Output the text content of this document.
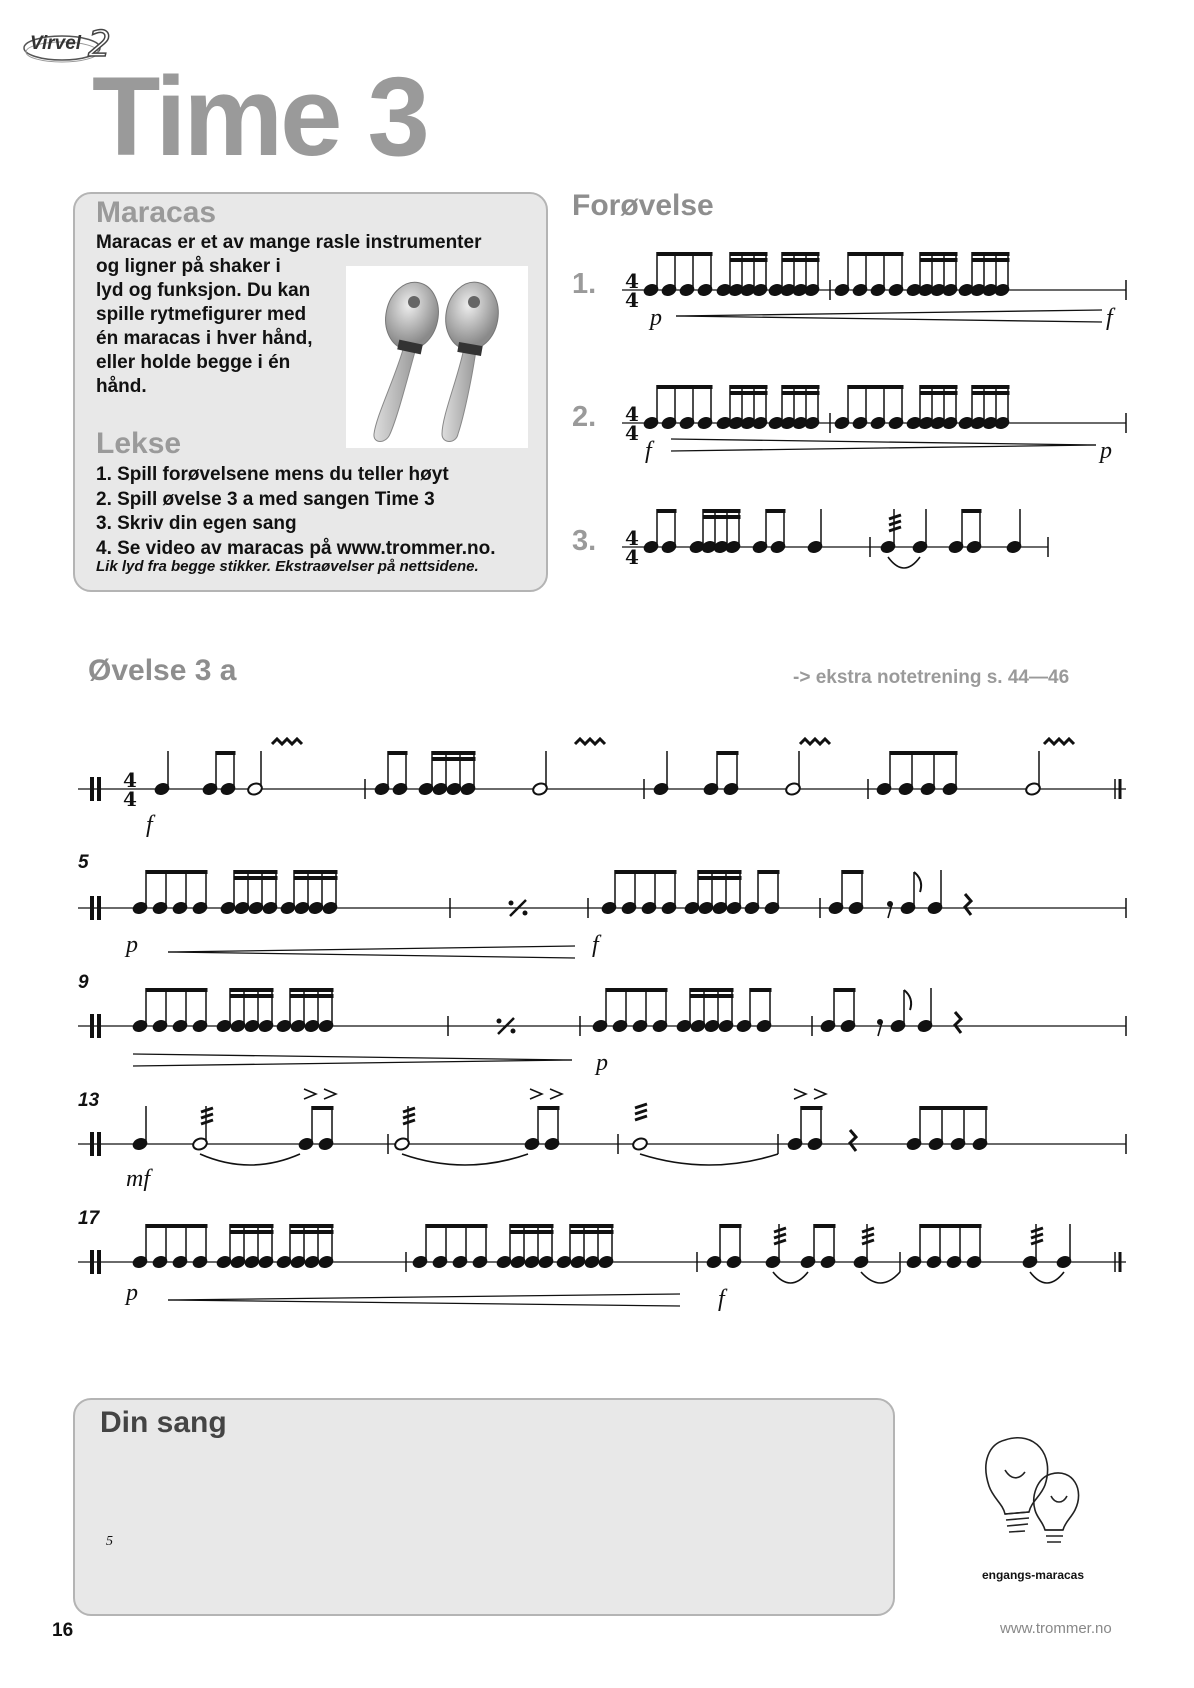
Virvel 2
Time 3
Maracas
Maracas er et av mange rasle instrumenter
og ligner på shaker i
lyd og funksjon. Du kan
spille rytmefigurer med
én maracas i hver hånd,
eller holde begge i én
hånd.
Lekse
1. Spill forøvelsene mens du teller høyt
2. Spill øvelse 3 a med sangen Time 3
3. Skriv din egen sang
4. Se video av maracas på www.trommer.no.
Lik lyd fra begge stikker. Ekstraøvelser på nettsidene.
Forøvelse
1.
2.
3.
p	f
f	p
Øvelse 3 a	-> ekstra notetrening s. 44—46
5
9
13
17
f
p	f
p
mf
p	f
4
4
4
4
4
4
4
4
Din sang
5
engangs-maracas
16	www.trommer.no
